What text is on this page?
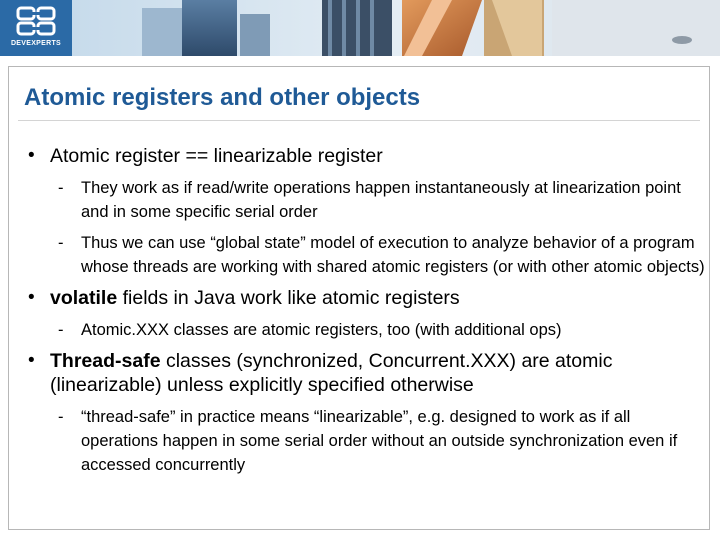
DEVEXPERTS
Atomic registers and other objects
• Atomic register == linearizable register
- They work as if read/write operations happen instantaneously at linearization point and in some specific serial order
- Thus we can use “global state” model of execution to analyze behavior of a program whose threads are working with shared atomic registers (or with other atomic objects)
• volatile fields in Java work like atomic registers
- Atomic.XXX classes are atomic registers, too (with additional ops)
• Thread-safe classes (synchronized, Concurrent.XXX) are atomic (linearizable) unless explicitly specified otherwise
- “thread-safe” in practice means “linearizable”, e.g. designed to work as if all operations happen in some serial order without an outside synchronization even if accessed concurrently
